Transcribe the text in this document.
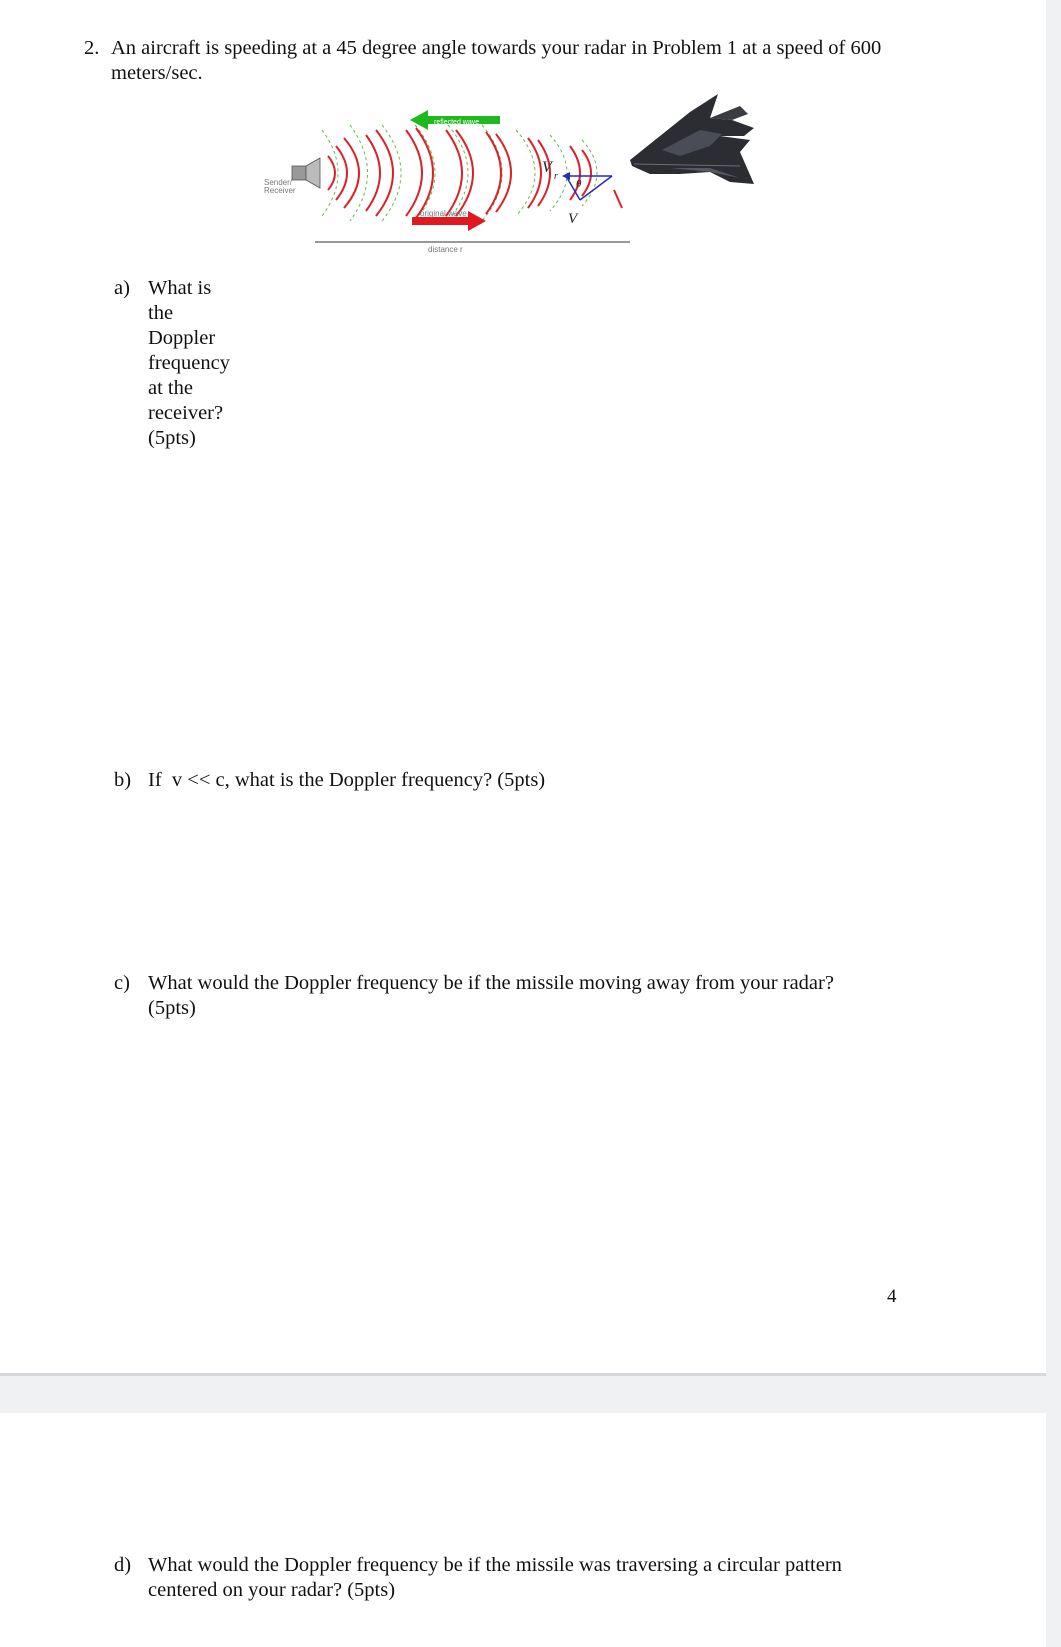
2. An aircraft is speeding at a 45 degree angle towards your radar in Problem 1 at a speed of 600 meters/sec.
distance r
Sender/
Receiver
reflected wave
original wave
V
r
θ
V
a) What is the Doppler frequency at the receiver? (5pts)
b) If  v << c, what is the Doppler frequency? (5pts)
c) What would the Doppler frequency be if the missile moving away from your radar?
(5pts)
4
d) What would the Doppler frequency be if the missile was traversing a circular pattern
centered on your radar? (5pts)
